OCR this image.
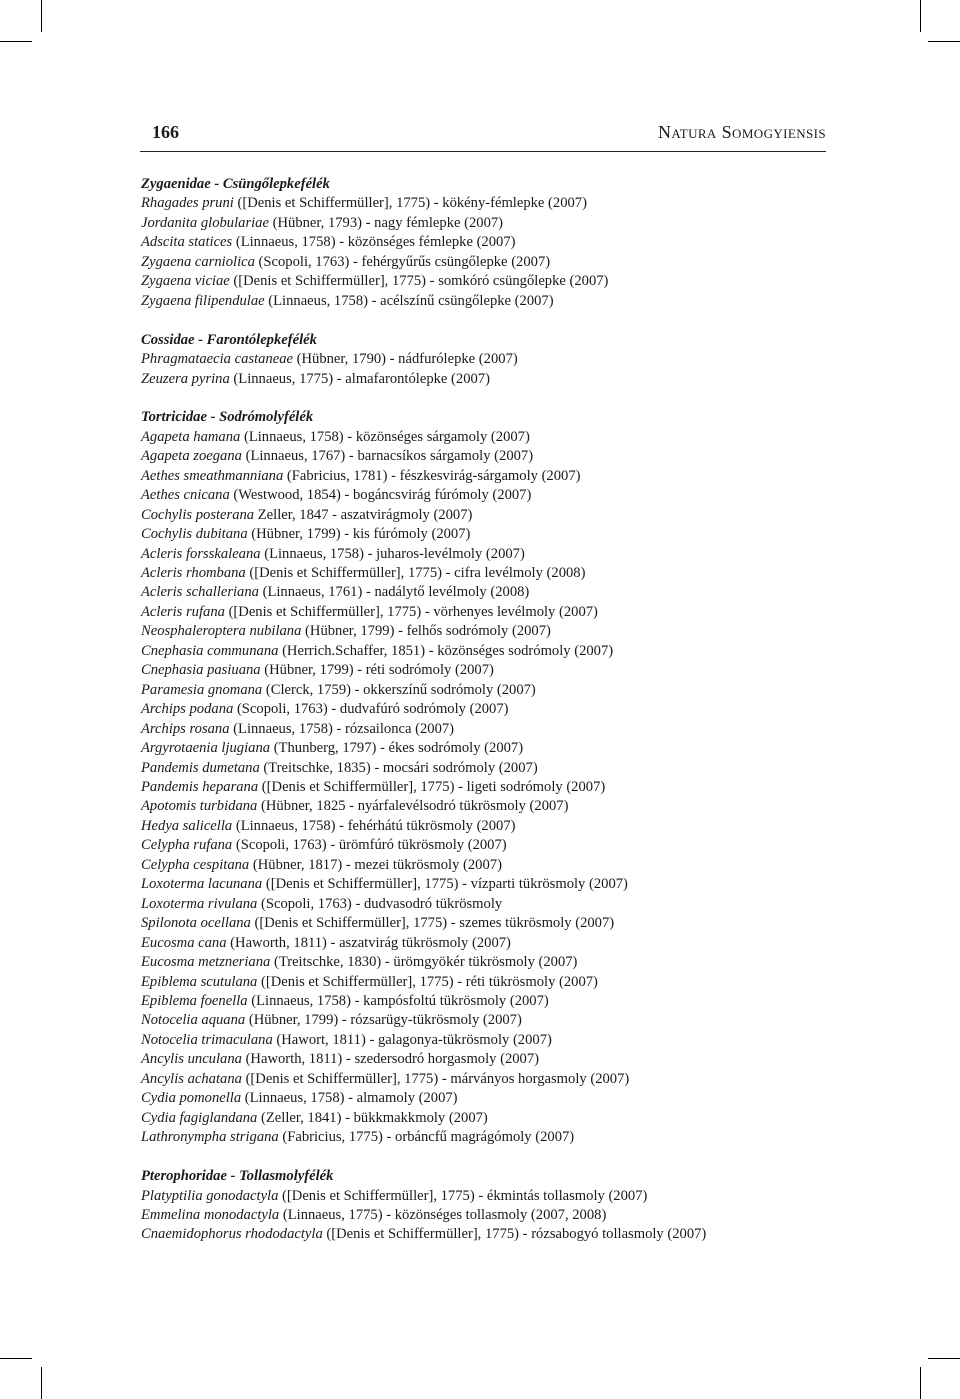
166	Natura Somogyiensis
Zygaenidae - Csüngőlepkefélék
Rhagades pruni ([Denis et Schiffermüller], 1775) - kökény-fémlepke (2007)
Jordanita globulariae (Hübner, 1793) - nagy fémlepke (2007)
Adscita statices (Linnaeus, 1758) - közönséges fémlepke (2007)
Zygaena carniolica (Scopoli, 1763) - fehérgyűrűs csüngőlepke (2007)
Zygaena viciae ([Denis et Schiffermüller], 1775) - somkóró csüngőlepke (2007)
Zygaena filipendulae (Linnaeus, 1758) - acélszínű csüngőlepke (2007)
Cossidae - Farontólepkefélék
Phragmataecia castaneae (Hübner, 1790) - nádfurólepke (2007)
Zeuzera pyrina (Linnaeus, 1775) - almafarontólepke (2007)
Tortricidae - Sodrómolyfélék
Agapeta hamana (Linnaeus, 1758) - közönséges sárgamoly (2007)
Agapeta zoegana (Linnaeus, 1767) - barnacsíkos sárgamoly (2007)
Aethes smeathmanniana (Fabricius, 1781) - fészkesvirág-sárgamoly (2007)
Aethes cnicana (Westwood, 1854) - bogáncsvirág fúrómoly (2007)
Cochylis posterana Zeller, 1847 - aszatvirágmoly (2007)
Cochylis dubitana (Hübner, 1799) - kis fúrómoly (2007)
Acleris forsskaleana (Linnaeus, 1758) - juharos-levélmoly (2007)
Acleris rhombana ([Denis et Schiffermüller], 1775) - cifra levélmoly (2008)
Acleris schalleriana (Linnaeus, 1761) - nadálytő levélmoly (2008)
Acleris rufana ([Denis et Schiffermüller], 1775) - vörhenyes levélmoly (2007)
Neosphaleroptera nubilana (Hübner, 1799) - felhős sodrómoly (2007)
Cnephasia communana (Herrich.Schaffer, 1851) - közönséges sodrómoly (2007)
Cnephasia pasiuana (Hübner, 1799) - réti sodrómoly (2007)
Paramesia gnomana (Clerck, 1759) - okkerszínű sodrómoly (2007)
Archips podana (Scopoli, 1763) - dudvafúró sodrómoly (2007)
Archips rosana (Linnaeus, 1758) - rózsailonca (2007)
Argyrotaenia ljugiana (Thunberg, 1797) - ékes sodrómoly (2007)
Pandemis dumetana (Treitschke, 1835) - mocsári sodrómoly (2007)
Pandemis heparana ([Denis et Schiffermüller], 1775) - ligeti sodrómoly (2007)
Apotomis turbidana (Hübner, 1825 - nyárfalevélsodró tükrösmoly (2007)
Hedya salicella (Linnaeus, 1758) - fehérhátú tükrösmoly (2007)
Celypha rufana (Scopoli, 1763) - ürömfúró tükrösmoly (2007)
Celypha cespitana (Hübner, 1817) - mezei tükrösmoly (2007)
Loxoterma lacunana ([Denis et Schiffermüller], 1775) - vízparti tükrösmoly (2007)
Loxoterma rivulana (Scopoli, 1763) - dudvasodró tükrösmoly
Spilonota ocellana ([Denis et Schiffermüller], 1775) - szemes tükrösmoly (2007)
Eucosma cana (Haworth, 1811) - aszatvirág tükrösmoly (2007)
Eucosma metzneriana (Treitschke, 1830) - ürömgyökér tükrösmoly (2007)
Epiblema scutulana ([Denis et Schiffermüller], 1775) - réti tükrösmoly (2007)
Epiblema foenella (Linnaeus, 1758) - kampósfoltú tükrösmoly (2007)
Notocelia aquana (Hübner, 1799) - rózsarügy-tükrösmoly (2007)
Notocelia trimaculana (Hawort, 1811) - galagonya-tükrösmoly (2007)
Ancylis unculana (Haworth, 1811) - szedersodró horgasmoly (2007)
Ancylis achatana ([Denis et Schiffermüller], 1775) - márványos horgasmoly (2007)
Cydia pomonella (Linnaeus, 1758) - almamoly (2007)
Cydia fagiglandana (Zeller, 1841) - bükkmakkmoly (2007)
Lathronympha strigana (Fabricius, 1775) - orbáncfű magrágómoly (2007)
Pterophoridae - Tollasmolyfélék
Platyptilia gonodactyla ([Denis et Schiffermüller], 1775) - ékmintás tollasmoly (2007)
Emmelina monodactyla (Linnaeus, 1775) - közönséges tollasmoly (2007, 2008)
Cnaemidophorus rhododactyla ([Denis et Schiffermüller], 1775) - rózsabogyó tollasmoly (2007)
